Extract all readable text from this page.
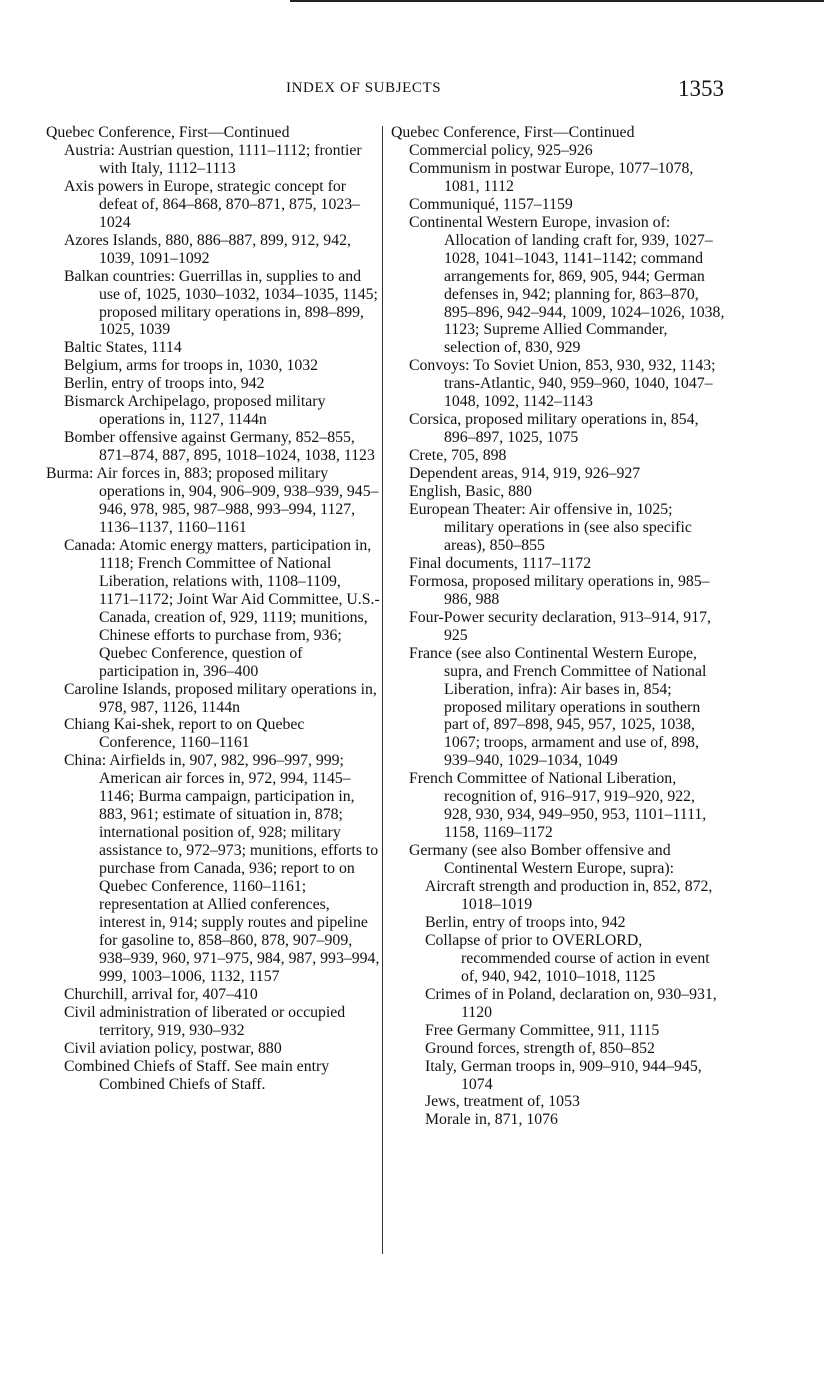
INDEX OF SUBJECTS	1353
Quebec Conference, First—Continued
Austria: Austrian question, 1111–1112; frontier with Italy, 1112–1113
Axis powers in Europe, strategic concept for defeat of, 864–868, 870–871, 875, 1023–1024
Azores Islands, 880, 886–887, 899, 912, 942, 1039, 1091–1092
Balkan countries: Guerrillas in, supplies to and use of, 1025, 1030–1032, 1034–1035, 1145; proposed military operations in, 898–899, 1025, 1039
Baltic States, 1114
Belgium, arms for troops in, 1030, 1032
Berlin, entry of troops into, 942
Bismarck Archipelago, proposed military operations in, 1127, 1144n
Bomber offensive against Germany, 852–855, 871–874, 887, 895, 1018–1024, 1038, 1123
Burma: Air forces in, 883; proposed military operations in, 904, 906–909, 938–939, 945–946, 978, 985, 987–988, 993–994, 1127, 1136–1137, 1160–1161
Canada: Atomic energy matters, participation in, 1118; French Committee of National Liberation, relations with, 1108–1109, 1171–1172; Joint War Aid Committee, U.S.-Canada, creation of, 929, 1119; munitions, Chinese efforts to purchase from, 936; Quebec Conference, question of participation in, 396–400
Caroline Islands, proposed military operations in, 978, 987, 1126, 1144n
Chiang Kai-shek, report to on Quebec Conference, 1160–1161
China: Airfields in, 907, 982, 996–997, 999; American air forces in, 972, 994, 1145–1146; Burma campaign, participation in, 883, 961; estimate of situation in, 878; international position of, 928; military assistance to, 972–973; munitions, efforts to purchase from Canada, 936; report to on Quebec Conference, 1160–1161; representation at Allied conferences, interest in, 914; supply routes and pipeline for gasoline to, 858–860, 878, 907–909, 938–939, 960, 971–975, 984, 987, 993–994, 999, 1003–1006, 1132, 1157
Churchill, arrival for, 407–410
Civil administration of liberated or occupied territory, 919, 930–932
Civil aviation policy, postwar, 880
Combined Chiefs of Staff. See main entry Combined Chiefs of Staff.
Quebec Conference, First—Continued
Commercial policy, 925–926
Communism in postwar Europe, 1077–1078, 1081, 1112
Communiqué, 1157–1159
Continental Western Europe, invasion of: Allocation of landing craft for, 939, 1027–1028, 1041–1043, 1141–1142; command arrangements for, 869, 905, 944; German defenses in, 942; planning for, 863–870, 895–896, 942–944, 1009, 1024–1026, 1038, 1123; Supreme Allied Commander, selection of, 830, 929
Convoys: To Soviet Union, 853, 930, 932, 1143; trans-Atlantic, 940, 959–960, 1040, 1047–1048, 1092, 1142–1143
Corsica, proposed military operations in, 854, 896–897, 1025, 1075
Crete, 705, 898
Dependent areas, 914, 919, 926–927
English, Basic, 880
European Theater: Air offensive in, 1025; military operations in (see also specific areas), 850–855
Final documents, 1117–1172
Formosa, proposed military operations in, 985–986, 988
Four-Power security declaration, 913–914, 917, 925
France (see also Continental Western Europe, supra, and French Committee of National Liberation, infra): Air bases in, 854; proposed military operations in southern part of, 897–898, 945, 957, 1025, 1038, 1067; troops, armament and use of, 898, 939–940, 1029–1034, 1049
French Committee of National Liberation, recognition of, 916–917, 919–920, 922, 928, 930, 934, 949–950, 953, 1101–1111, 1158, 1169–1172
Germany (see also Bomber offensive and Continental Western Europe, supra):
Aircraft strength and production in, 852, 872, 1018–1019
Berlin, entry of troops into, 942
Collapse of prior to OVERLORD, recommended course of action in event of, 940, 942, 1010–1018, 1125
Crimes of in Poland, declaration on, 930–931, 1120
Free Germany Committee, 911, 1115
Ground forces, strength of, 850–852
Italy, German troops in, 909–910, 944–945, 1074
Jews, treatment of, 1053
Morale in, 871, 1076
